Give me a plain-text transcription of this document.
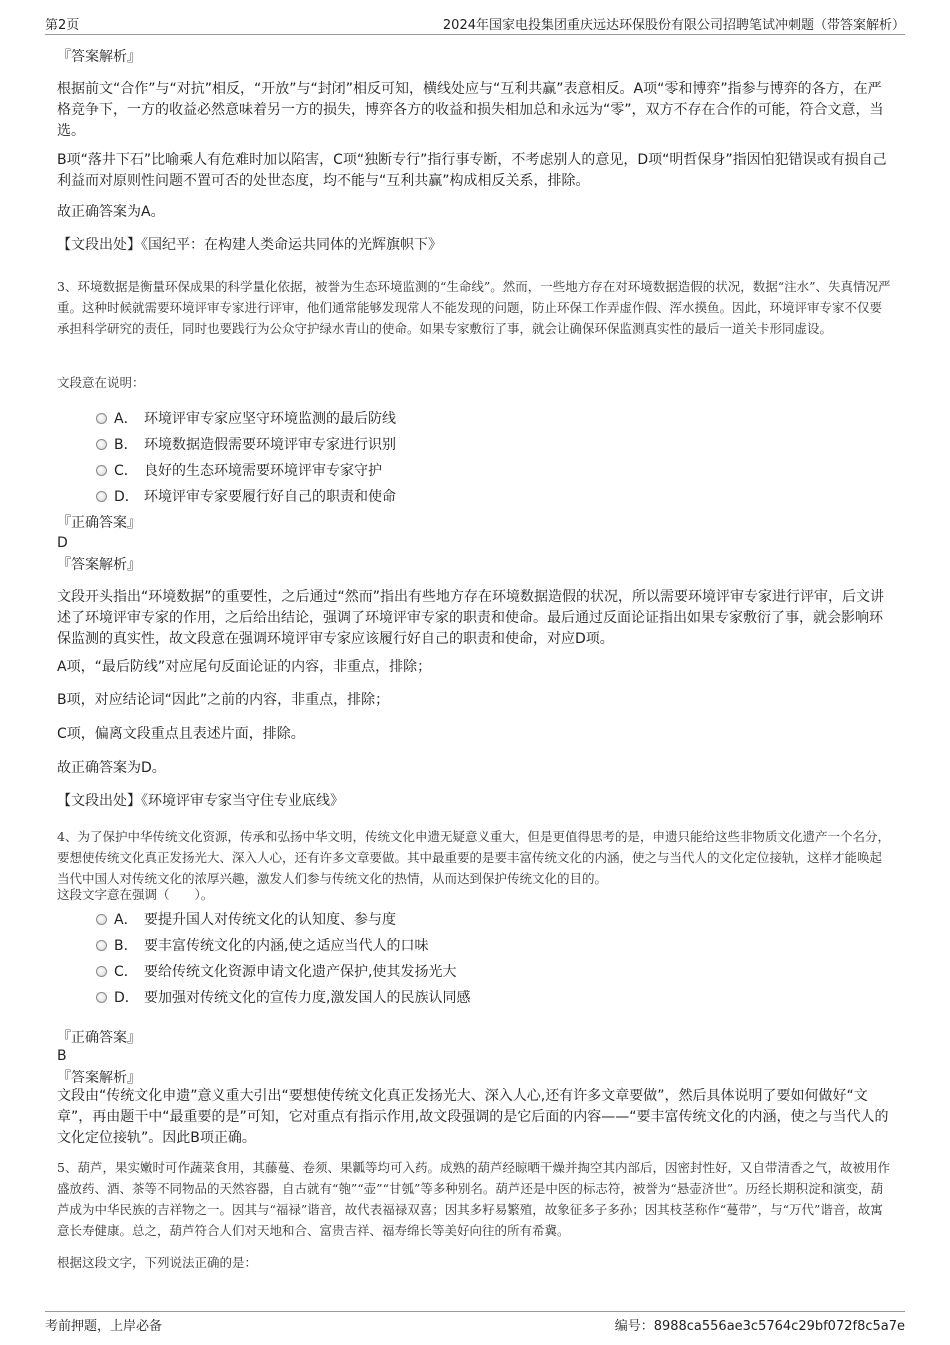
第2页	2024年国家电投集团重庆远达环保股份有限公司招聘笔试冲刺题（带答案解析）
『答案解析』
根据前文“合作”与“对抗”相反，“开放”与“封闭”相反可知，横线处应与“互利共赢”表意相反。A项“零和博弈”指参与博弈的各方，在严格竞争下，一方的收益必然意味着另一方的损失，博弈各方的收益和损失相加总和永远为“零”，双方不存在合作的可能，符合文意，当选。
B项“落井下石”比喻乘人有危难时加以陷害，C项“独断专行”指行事专断，不考虑别人的意见，D项“明哲保身”指因怕犯错误或有损自己利益而对原则性问题不置可否的处世态度，均不能与“互利共赢”构成相反关系，排除。
故正确答案为A。
【文段出处】《国纪平：在构建人类命运共同体的光辉旗帜下》
3、环境数据是衡量环保成果的科学量化依据，被誉为生态环境监测的“生命线”。然而，一些地方存在对环境数据造假的状况，数据“注水”、失真情况严重。这种时候就需要环境评审专家进行评审，他们通常能够发现常人不能发现的问题，防止环保工作弄虚作假、浑水摸鱼。因此，环境评审专家不仅要承担科学研究的责任，同时也要践行为公众守护绿水青山的使命。如果专家敷衍了事，就会让确保环保监测真实性的最后一道关卡形同虚设。
文段意在说明：
A． 环境评审专家应坚守环境监测的最后防线
B． 环境数据造假需要环境评审专家进行识别
C． 良好的生态环境需要环境评审专家守护
D． 环境评审专家要履行好自己的职责和使命
『正确答案』
D
『答案解析』
文段开头指出“环境数据”的重要性，之后通过“然而”指出有些地方存在环境数据造假的状况，所以需要环境评审专家进行评审，后文讲述了环境评审专家的作用，之后给出结论，强调了环境评审专家的职责和使命。最后通过反面论证指出如果专家敷衍了事，就会影响环保监测的真实性，故文段意在强调环境评审专家应该履行好自己的职责和使命，对应D项。
A项，“最后防线”对应尾句反面论证的内容，非重点，排除；
B项，对应结论词“因此”之前的内容，非重点，排除；
C项，偏离文段重点且表述片面，排除。
故正确答案为D。
【文段出处】《环境评审专家当守住专业底线》
4、为了保护中华传统文化资源，传承和弘扬中华文明，传统文化申遗无疑意义重大，但是更值得思考的是，申遗只能给这些非物质文化遗产一个名分，要想使传统文化真正发扬光大、深入人心，还有许多文章要做。其中最重要的是要丰富传统文化的内涵，使之与当代人的文化定位接轨，这样才能唤起当代中国人对传统文化的浓厚兴趣，激发人们参与传统文化的热情，从而达到保护传统文化的目的。
这段文字意在强调（　　）。
A． 要提升国人对传统文化的认知度、参与度
B． 要丰富传统文化的内涵,使之适应当代人的口味
C． 要给传统文化资源申请文化遗产保护,使其发扬光大
D． 要加强对传统文化的宣传力度,激发国人的民族认同感
『正确答案』
B
『答案解析』
文段由“传统文化申遗”意义重大引出“要想使传统文化真正发扬光大、深入人心,还有许多文章要做”，然后具体说明了要如何做好“文章”，再由题干中“最重要的是”可知，它对重点有指示作用,故文段强调的是它后面的内容——“要丰富传统文化的内涵，使之与当代人的文化定位接轨”。因此B项正确。
5、葫芦，果实嫩时可作蔬菜食用，其藤蔓、卷须、果瓤等均可入药。成熟的葫芦经晾晒干燥并掏空其内部后，因密封性好，又自带清香之气，故被用作盛放药、酒、茶等不同物品的天然容器，自古就有“匏”“壶”“甘瓠”等多种别名。葫芦还是中医的标志符，被誉为“悬壶济世”。历经长期积淀和演变，葫芦成为中华民族的吉祥物之一。因其与“福禄”谐音，故代表福禄双喜；因其多籽易繁殖，故象征多子多孙；因其枝茎称作“蔓带”，与“万代”谐音，故寓意长寿健康。总之，葫芦符合人们对天地和合、富贵吉祥、福寿绵长等美好向往的所有希冀。
根据这段文字，下列说法正确的是：
考前押题，上岸必备	编号：8988ca556ae3c5764c29bf072f8c5a7e
